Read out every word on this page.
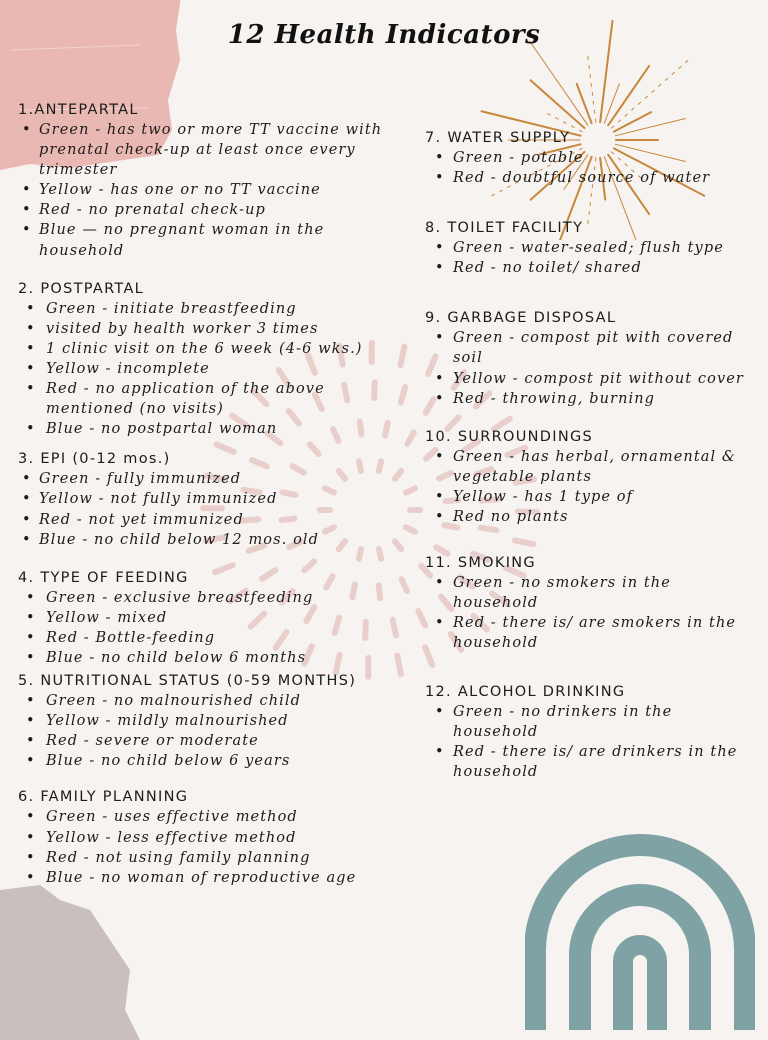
12 Health Indicators
1.ANTEPARTAL
• Green - has two or more TT vaccine with prenatal check-up at least once every trimester
• Yellow - has one or no TT vaccine
• Red - no prenatal check-up
• Blue — no pregnant woman in the household
2. POSTPARTAL
• Green - initiate breastfeeding
• visited by health worker 3 times
• 1 clinic visit on the 6 week (4-6 wks.)
• Yellow - incomplete
• Red - no application of the above mentioned (no visits)
• Blue - no postpartal woman
3. EPI (0-12 mos.)
• Green - fully immunized
• Yellow - not fully immunized
• Red - not yet immunized
• Blue - no child below 12 mos. old
4. TYPE OF FEEDING
• Green - exclusive breastfeeding
• Yellow - mixed
• Red - Bottle-feeding
• Blue - no child below 6 months
5. NUTRITIONAL STATUS (0-59 MONTHS)
• Green - no malnourished child
• Yellow - mildly malnourished
• Red - severe or moderate
• Blue - no child below 6 years
6. FAMILY PLANNING
• Green - uses effective method
• Yellow - less effective method
• Red - not using family planning
• Blue - no woman of reproductive age
7. WATER SUPPLY
• Green - potable
• Red - doubtful source of water
8. TOILET FACILITY
• Green - water-sealed; flush type
• Red - no toilet/ shared
9. GARBAGE DISPOSAL
• Green - compost pit with covered soil
• Yellow - compost pit without cover
• Red - throwing, burning
10. SURROUNDINGS
• Green - has herbal, ornamental & vegetable plants
• Yellow - has 1 type of
• Red no plants
11. SMOKING
• Green - no smokers in the household
• Red - there is/ are smokers in the household
12. ALCOHOL DRINKING
• Green - no drinkers in the household
• Red - there is/ are drinkers in the household
